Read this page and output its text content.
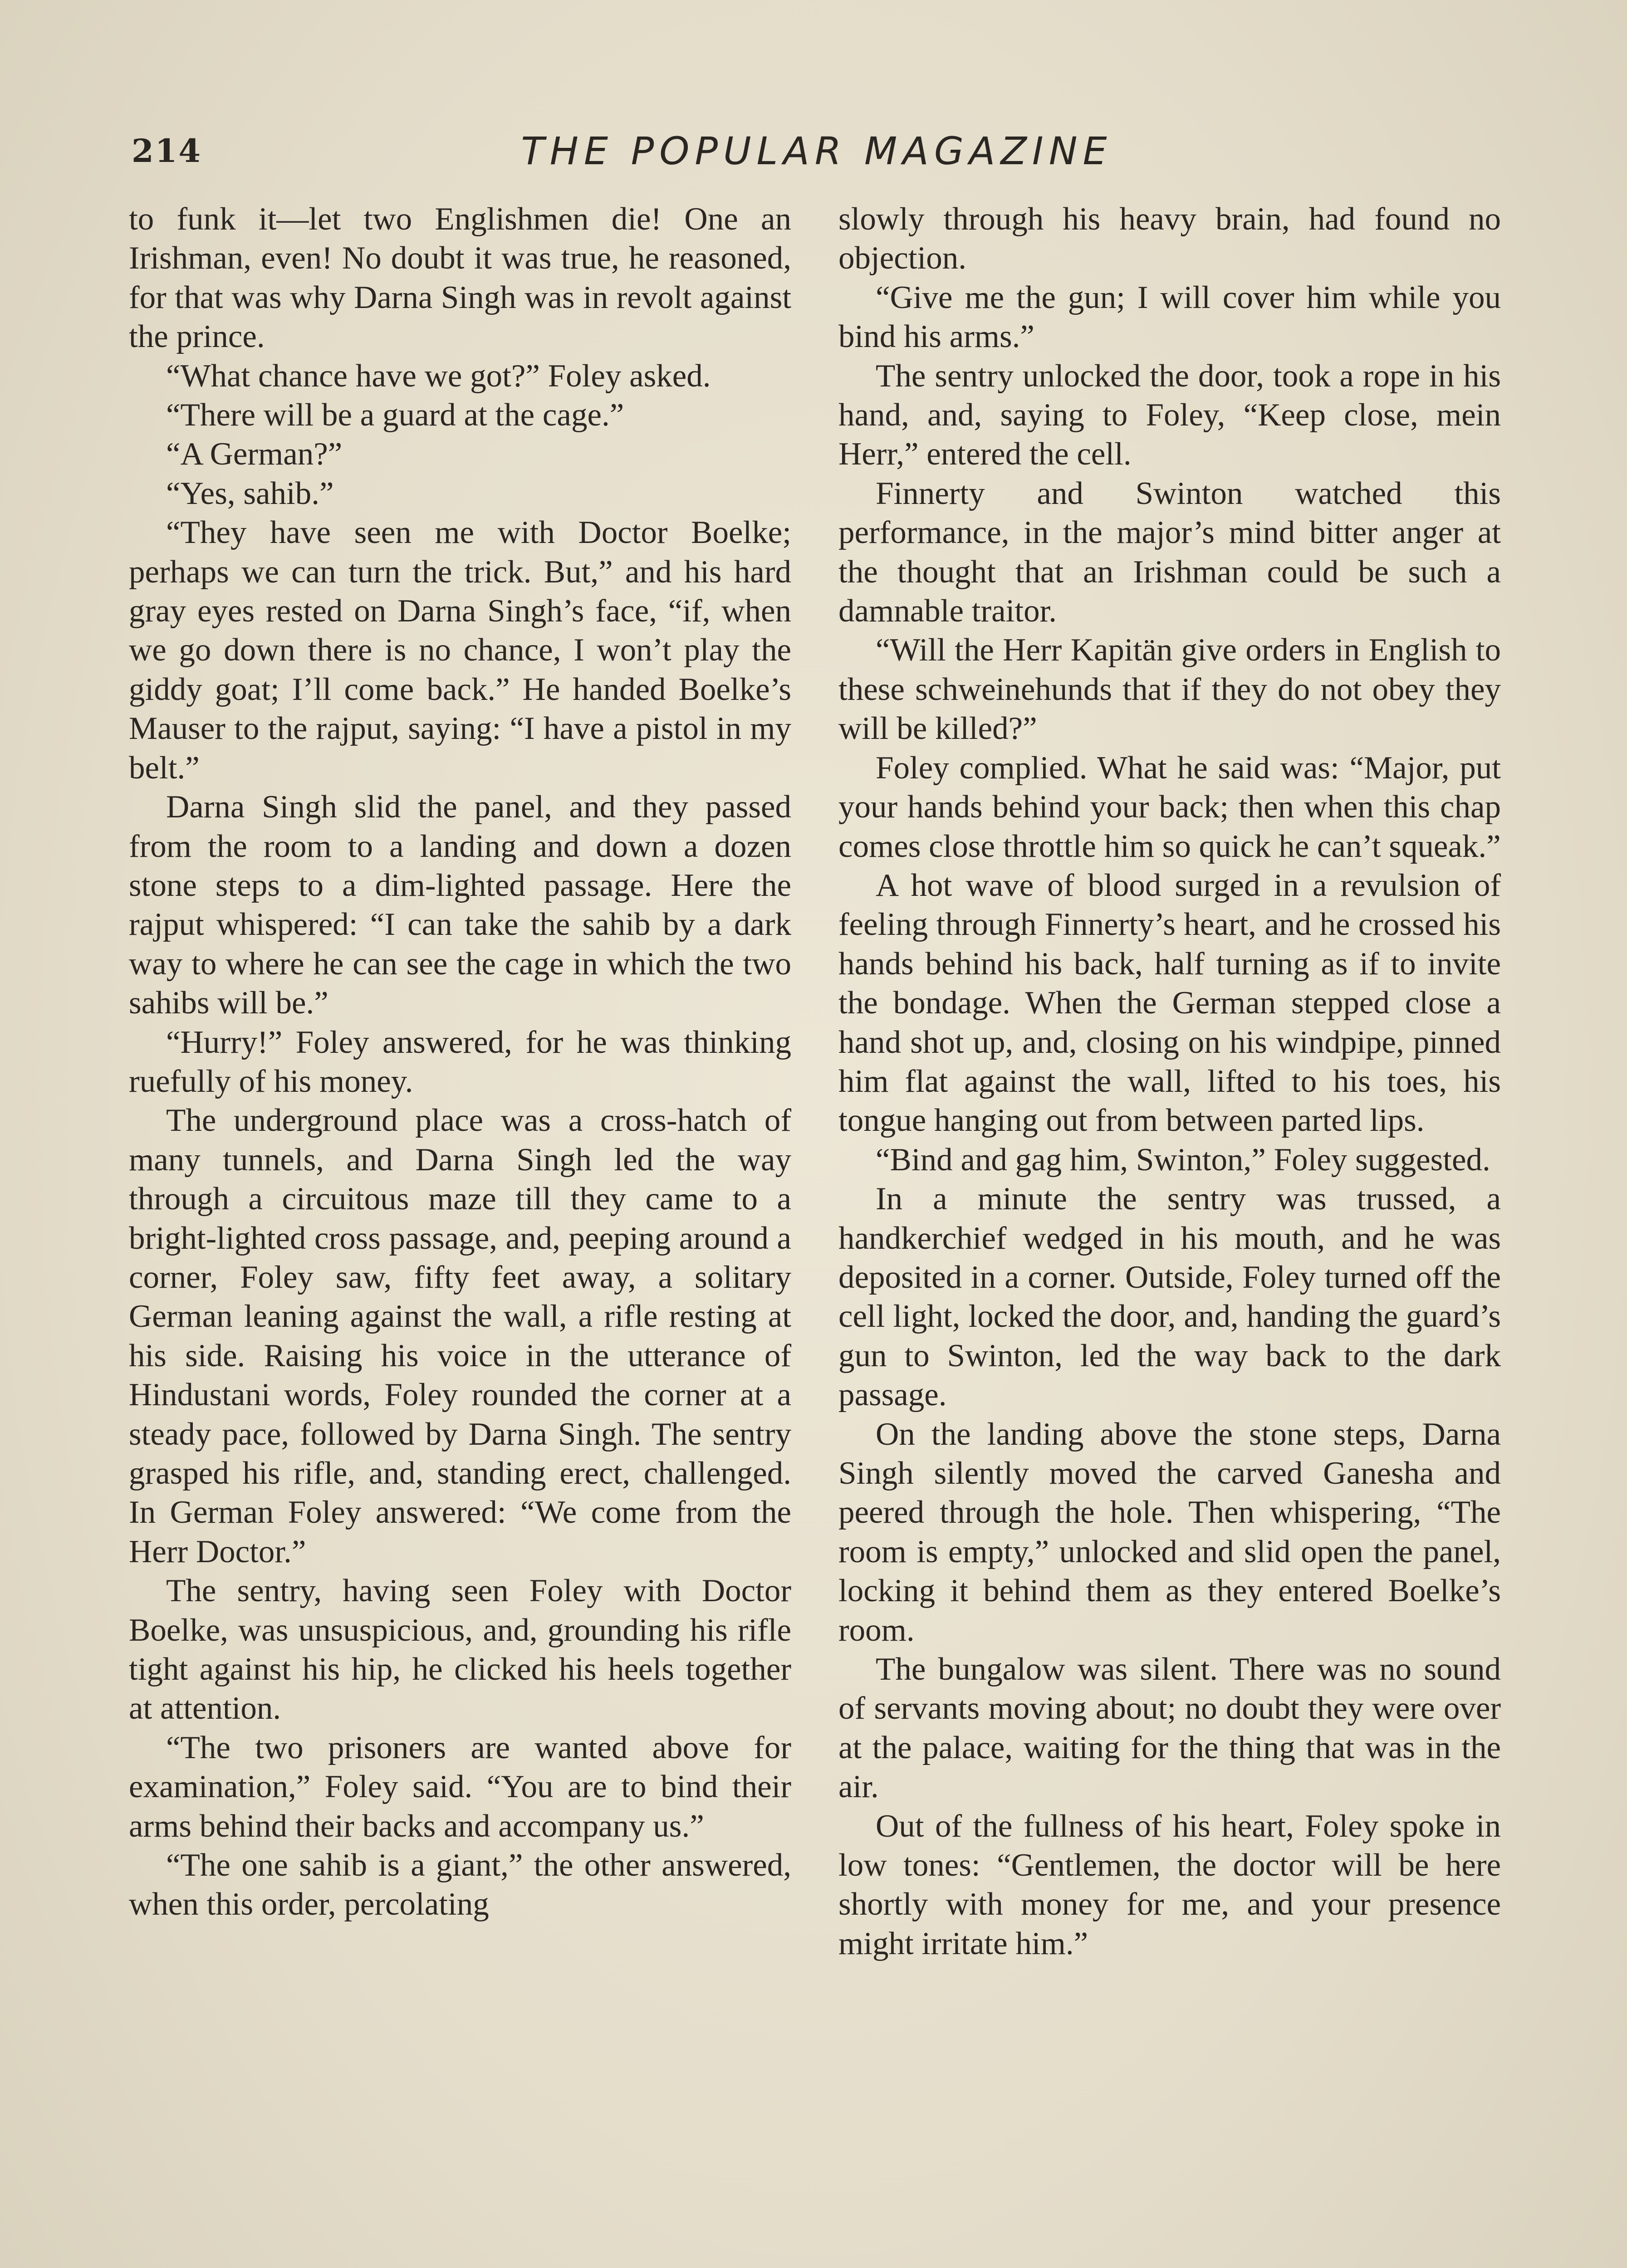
214	THE POPULAR MAGAZINE

to funk it—let two Englishmen die! One an Irishman, even! No doubt it was true, he reasoned, for that was why Darna Singh was in revolt against the prince.

“What chance have we got?” Foley asked.

“There will be a guard at the cage.”

“A German?”

“Yes, sahib.”

“They have seen me with Doctor Boelke; perhaps we can turn the trick. But,” and his hard gray eyes rested on Darna Singh’s face, “if, when we go down there is no chance, I won’t play the giddy goat; I’ll come back.” He handed Boelke’s Mauser to the rajput, saying: “I have a pistol in my belt.”

Darna Singh slid the panel, and they passed from the room to a landing and down a dozen stone steps to a dim-lighted passage. Here the rajput whispered: “I can take the sahib by a dark way to where he can see the cage in which the two sahibs will be.”

“Hurry!” Foley answered, for he was thinking ruefully of his money.

The underground place was a cross-hatch of many tunnels, and Darna Singh led the way through a circuitous maze till they came to a bright-lighted cross passage, and, peeping around a corner, Foley saw, fifty feet away, a solitary German leaning against the wall, a rifle resting at his side. Raising his voice in the utterance of Hindustani words, Foley rounded the corner at a steady pace, followed by Darna Singh. The sentry grasped his rifle, and, standing erect, challenged. In German Foley answered: “We come from the Herr Doctor.”

The sentry, having seen Foley with Doctor Boelke, was unsuspicious, and, grounding his rifle tight against his hip, he clicked his heels together at attention.

“The two prisoners are wanted above for examination,” Foley said. “You are to bind their arms behind their backs and accompany us.”

“The one sahib is a giant,” the other answered, when this order, percolating

slowly through his heavy brain, had found no objection.

“Give me the gun; I will cover him while you bind his arms.”

The sentry unlocked the door, took a rope in his hand, and, saying to Foley, “Keep close, mein Herr,” entered the cell.

Finnerty and Swinton watched this performance, in the major’s mind bitter anger at the thought that an Irishman could be such a damnable traitor.

“Will the Herr Kapitän give orders in English to these schweinehunds that if they do not obey they will be killed?”

Foley complied. What he said was: “Major, put your hands behind your back; then when this chap comes close throttle him so quick he can’t squeak.”

A hot wave of blood surged in a revulsion of feeling through Finnerty’s heart, and he crossed his hands behind his back, half turning as if to invite the bondage. When the German stepped close a hand shot up, and, closing on his windpipe, pinned him flat against the wall, lifted to his toes, his tongue hanging out from between parted lips.

“Bind and gag him, Swinton,” Foley suggested.

In a minute the sentry was trussed, a handkerchief wedged in his mouth, and he was deposited in a corner. Outside, Foley turned off the cell light, locked the door, and, handing the guard’s gun to Swinton, led the way back to the dark passage.

On the landing above the stone steps, Darna Singh silently moved the carved Ganesha and peered through the hole. Then whispering, “The room is empty,” unlocked and slid open the panel, locking it behind them as they entered Boelke’s room.

The bungalow was silent. There was no sound of servants moving about; no doubt they were over at the palace, waiting for the thing that was in the air.

Out of the fullness of his heart, Foley spoke in low tones: “Gentlemen, the doctor will be here shortly with money for me, and your presence might irritate him.”
